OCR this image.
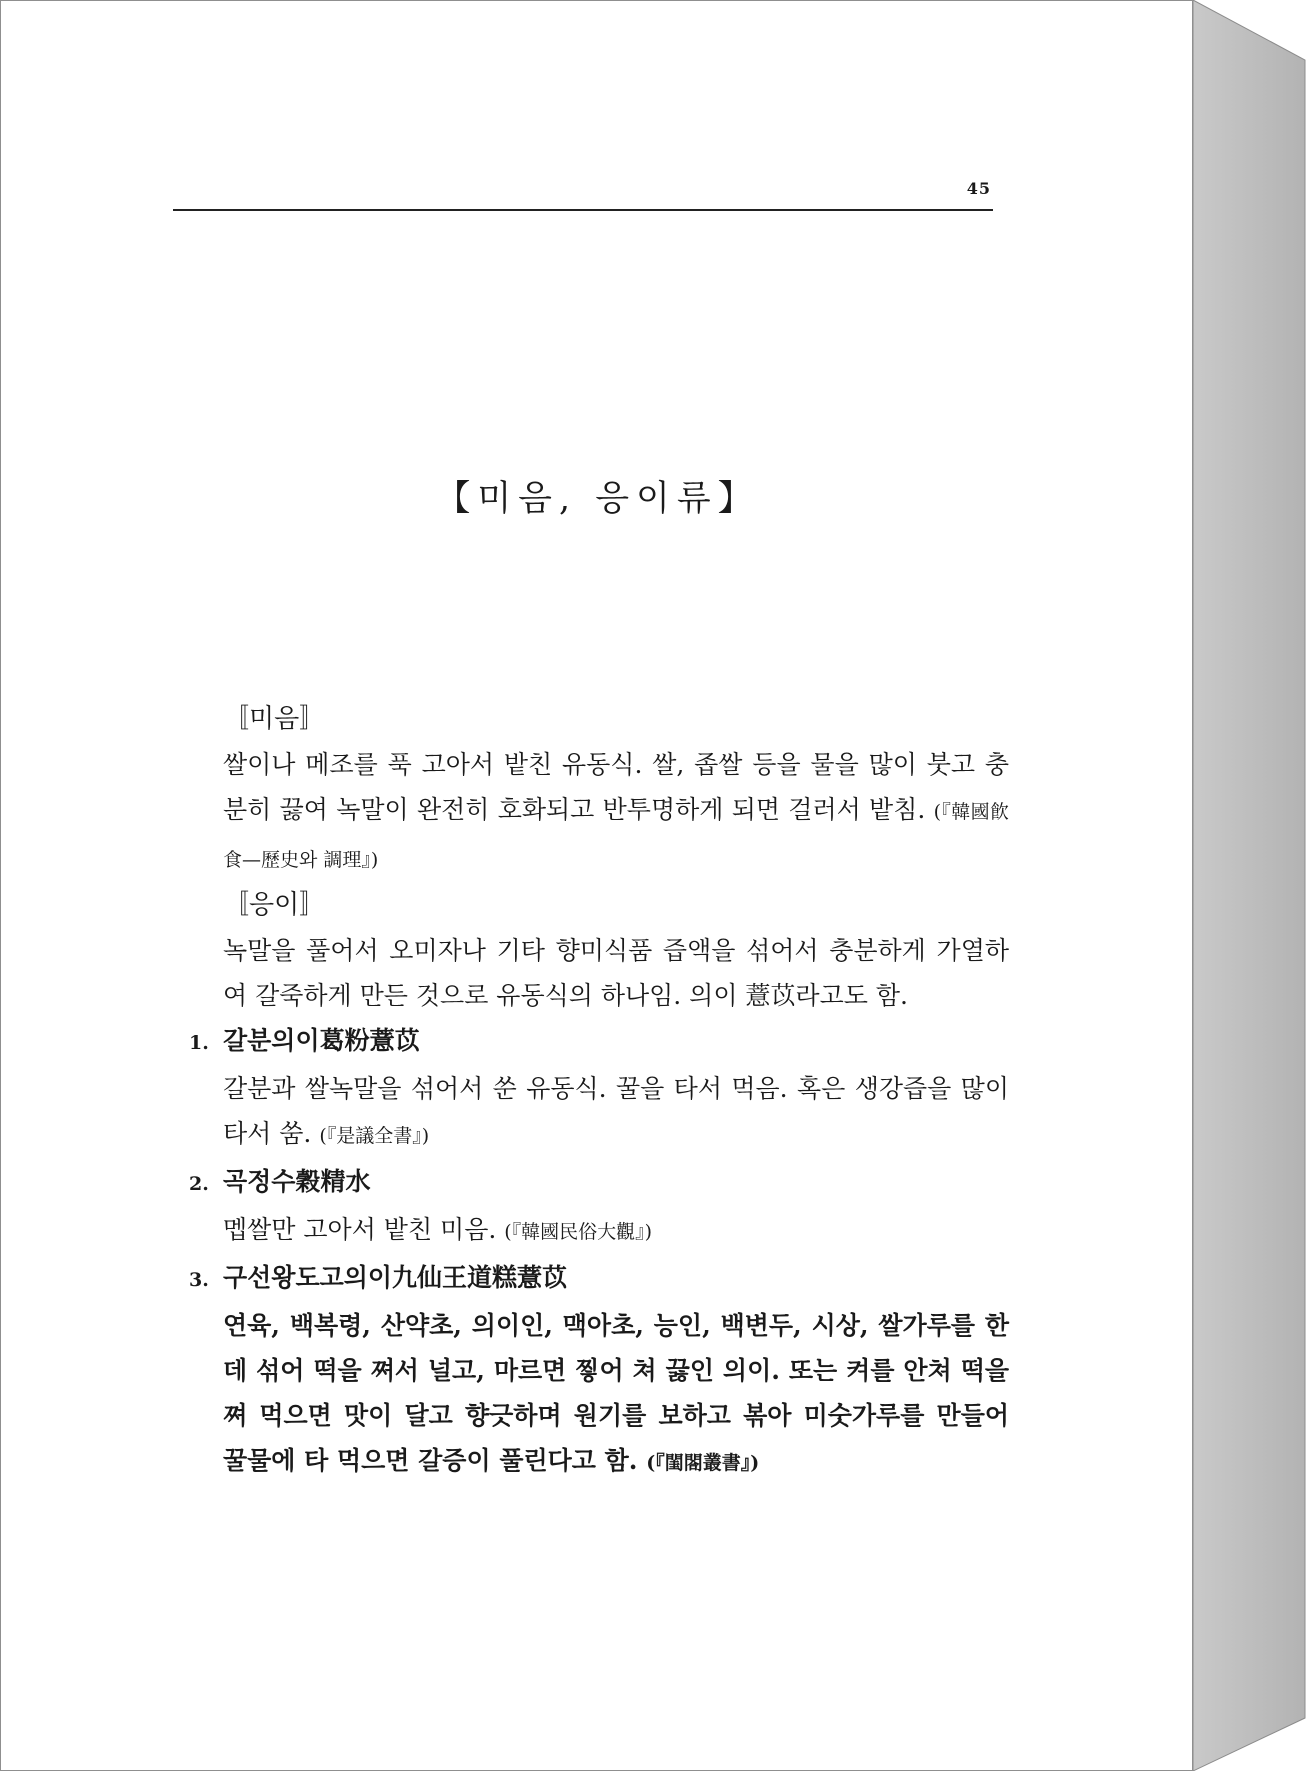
45
【미음, 응이류】
〚미음〛
쌀이나 메조를 푹 고아서 밭친 유동식. 쌀, 좁쌀 등을 물을 많이 붓고 충분히 끓여 녹말이 완전히 호화되고 반투명하게 되면 걸러서 밭침. (『韓國飮食—歷史와 調理』)
〚응이〛
녹말을 풀어서 오미자나 기타 향미식품 즙액을 섞어서 충분하게 가열하여 갈죽하게 만든 것으로 유동식의 하나임. 의이 薏苡라고도 함.
1. 갈분의이葛粉薏苡
갈분과 쌀녹말을 섞어서 쑨 유동식. 꿀을 타서 먹음. 혹은 생강즙을 많이 타서 쑴. (『是議全書』)
2. 곡정수穀精水
멥쌀만 고아서 밭친 미음. (『韓國民俗大觀』)
3. 구선왕도고의이九仙王道糕薏苡
연육, 백복령, 산약초, 의이인, 맥아초, 능인, 백변두, 시상, 쌀가루를 한데 섞어 떡을 쪄서 널고, 마르면 찧어 쳐 끓인 의이. 또는 켜를 안쳐 떡을 쪄 먹으면 맛이 달고 향긋하며 원기를 보하고 볶아 미숫가루를 만들어 꿀물에 타 먹으면 갈증이 풀린다고 함. (『閨閤叢書』)
